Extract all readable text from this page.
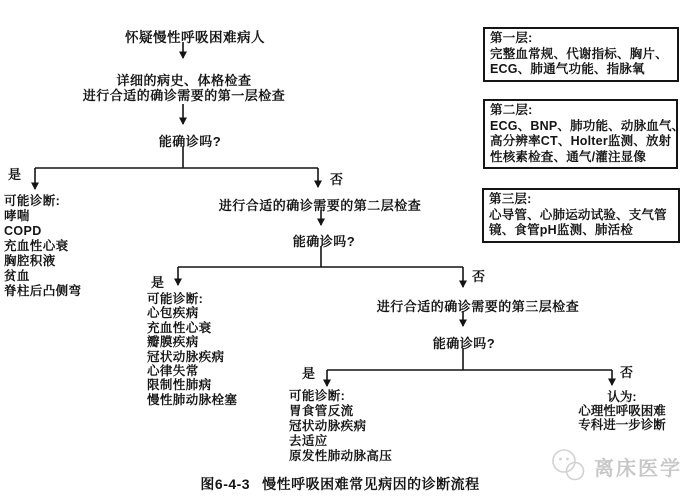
怀疑慢性呼吸困难病人
详细的病史、体格检查
进行合适的确诊需要的第一层检查
能确诊吗?
是	否
可能诊断:
哮喘
COPD
充血性心衰
胸腔积液
贫血
脊柱后凸侧弯
进行合适的确诊需要的第二层检查
能确诊吗?
是	否
可能诊断:
心包疾病
充血性心衰
瓣膜疾病
冠状动脉疾病
心律失常
限制性肺病
慢性肺动脉栓塞
进行合适的确诊需要的第三层检查
能确诊吗?
是	否
可能诊断:
胃食管反流
冠状动脉疾病
去适应
原发性肺动脉高压
认为:
心理性呼吸困难
专科进一步诊断
第一层:
完整血常规、代谢指标、胸片、
ECG、肺通气功能、指脉氧
第二层:
ECG、BNP、肺功能、动脉血气、
高分辨率CT、Holter监测、放射
性核素检查、通气/灌注显像
第三层:
心导管、心肺运动试验、支气管
镜、食管pH监测、肺活检
图6-4-3 慢性呼吸困难常见病因的诊断流程
离床医学
